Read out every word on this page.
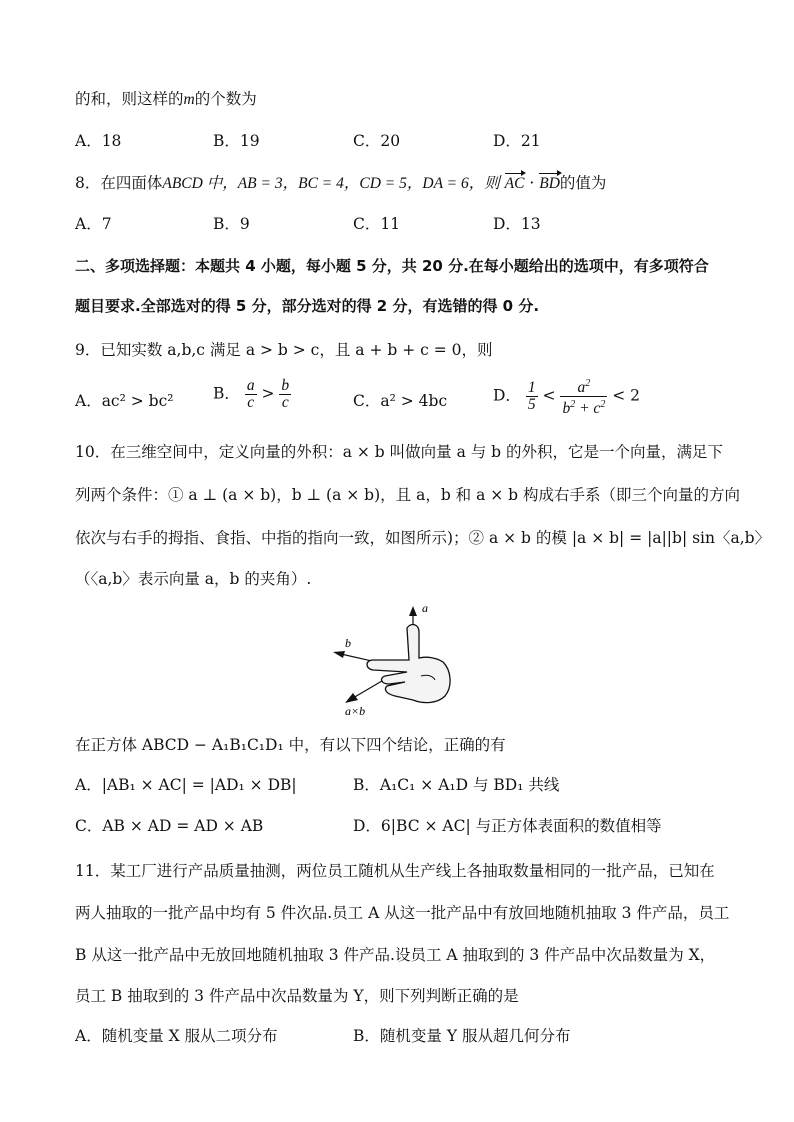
的和，则这样的m的个数为
A．18	B．19	C．20	D．21
8．在四面体ABCD 中，AB = 3，BC = 4，CD = 5，DA = 6，则 AC · BD的值为
A．7	B．9	C．11	D．13
二、多项选择题：本题共 4 小题，每小题 5 分，共 20 分.在每小题给出的选项中，有多项符合
题目要求.全部选对的得 5 分，部分选对的得 2 分，有选错的得 0 分.
9．已知实数 a,b,c 满足 a > b > c，且 a + b + c = 0，则
A．ac² > bc²	B． $\frac{a}{c} > \frac{b}{c}$	C．a² > 4bc	D． $\frac{1}{5} < \frac{a^2}{b^2 + c^2} < 2$
10．在三维空间中，定义向量的外积：a × b 叫做向量 a 与 b 的外积，它是一个向量，满足下
列两个条件：① a ⊥ (a × b)，b ⊥ (a × b)，且 a，b 和 a × b 构成右手系（即三个向量的方向
依次与右手的拇指、食指、中指的指向一致，如图所示)；② a × b 的模 |a × b| = |a||b| sin〈a,b〉
（〈a,b〉表示向量 a，b 的夹角）.
a
b
a×b
在正方体 ABCD − A₁B₁C₁D₁ 中，有以下四个结论，正确的有
A．|AB₁ × AC| = |AD₁ × DB|	B．A₁C₁ × A₁D 与 BD₁ 共线
C．AB × AD = AD × AB	D．6|BC × AC| 与正方体表面积的数值相等
11．某工厂进行产品质量抽测，两位员工随机从生产线上各抽取数量相同的一批产品，已知在
两人抽取的一批产品中均有 5 件次品.员工 A 从这一批产品中有放回地随机抽取 3 件产品，员工
B 从这一批产品中无放回地随机抽取 3 件产品.设员工 A 抽取到的 3 件产品中次品数量为 X，
员工 B 抽取到的 3 件产品中次品数量为 Y，则下列判断正确的是
A．随机变量 X 服从二项分布	B．随机变量 Y 服从超几何分布
